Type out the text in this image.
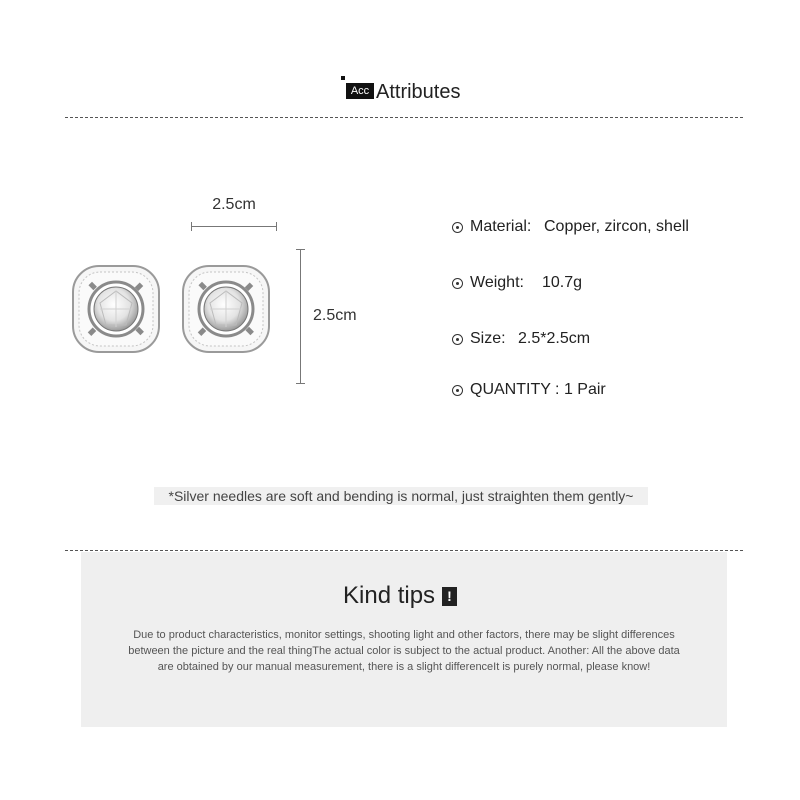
Acc Attributes
2.5cm
2.5cm
Material: Copper, zircon, shell
Weight: 10.7g
Size: 2.5*2.5cm
QUANTITY : 1 Pair
*Silver needles are soft and bending is normal, just straighten them gently~
Kind tips !
Due to product characteristics, monitor settings, shooting light and other factors, there may be slight differences between the picture and the real thingThe actual color is subject to the actual product. Another: All the above data are obtained by our manual measurement, there is a slight differenceIt is purely normal, please know!
